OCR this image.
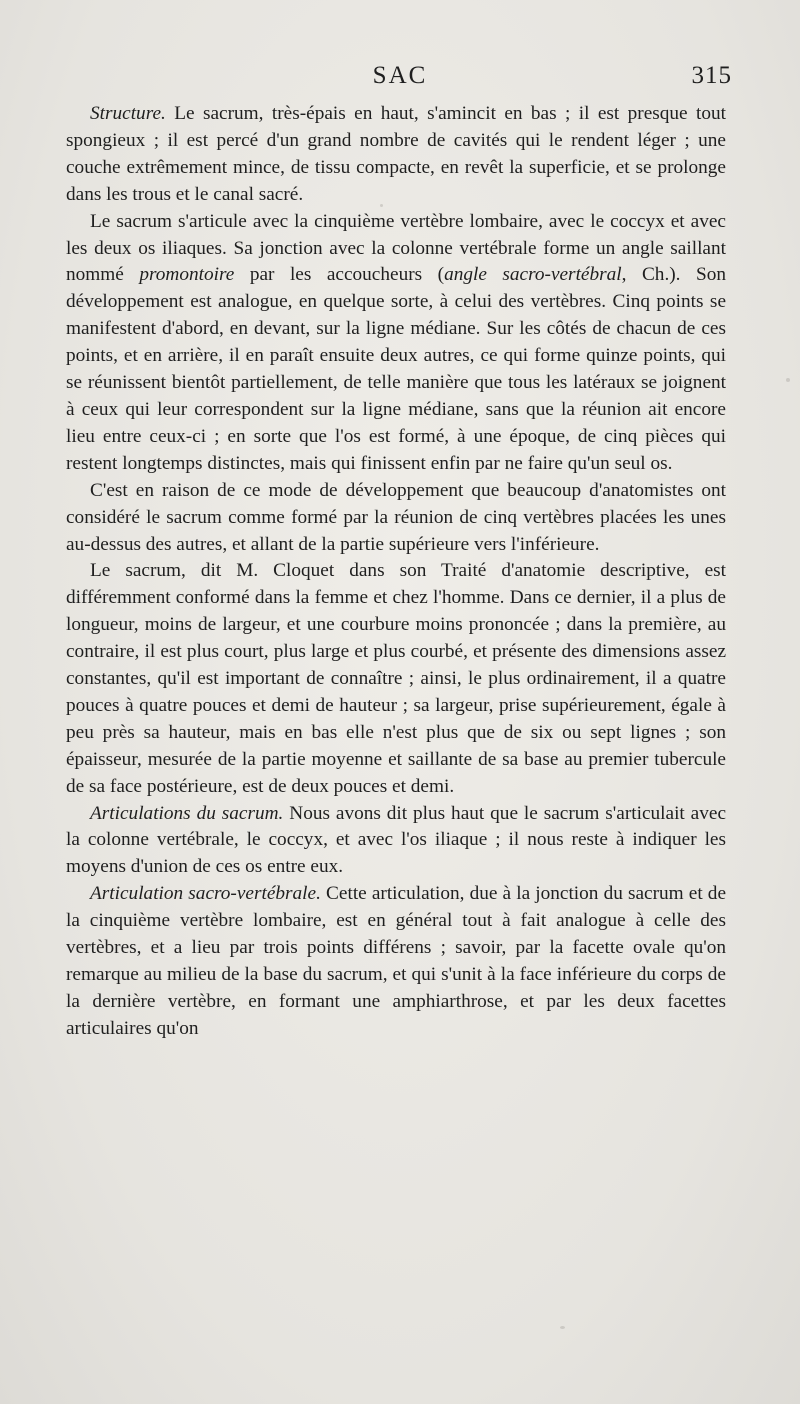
SAC	315

Structure. Le sacrum, très-épais en haut, s'amincit en bas ; il est presque tout spongieux ; il est percé d'un grand nombre de cavités qui le rendent léger ; une couche extrêmement mince, de tissu compacte, en revêt la superficie, et se prolonge dans les trous et le canal sacré.

Le sacrum s'articule avec la cinquième vertèbre lombaire, avec le coccyx et avec les deux os iliaques. Sa jonction avec la colonne vertébrale forme un angle saillant nommé promontoire par les accoucheurs (angle sacro-vertébral, Ch.). Son développement est analogue, en quelque sorte, à celui des vertèbres. Cinq points se manifestent d'abord, en devant, sur la ligne médiane. Sur les côtés de chacun de ces points, et en arrière, il en paraît ensuite deux autres, ce qui forme quinze points, qui se réunissent bientôt partiellement, de telle manière que tous les latéraux se joignent à ceux qui leur correspondent sur la ligne médiane, sans que la réunion ait encore lieu entre ceux-ci ; en sorte que l'os est formé, à une époque, de cinq pièces qui restent longtemps distinctes, mais qui finissent enfin par ne faire qu'un seul os.

C'est en raison de ce mode de développement que beaucoup d'anatomistes ont considéré le sacrum comme formé par la réunion de cinq vertèbres placées les unes au-dessus des autres, et allant de la partie supérieure vers l'inférieure.

Le sacrum, dit M. Cloquet dans son Traité d'anatomie descriptive, est différemment conformé dans la femme et chez l'homme. Dans ce dernier, il a plus de longueur, moins de largeur, et une courbure moins prononcée ; dans la première, au contraire, il est plus court, plus large et plus courbé, et présente des dimensions assez constantes, qu'il est important de connaître ; ainsi, le plus ordinairement, il a quatre pouces à quatre pouces et demi de hauteur ; sa largeur, prise supérieurement, égale à peu près sa hauteur, mais en bas elle n'est plus que de six ou sept lignes ; son épaisseur, mesurée de la partie moyenne et saillante de sa base au premier tubercule de sa face postérieure, est de deux pouces et demi.

Articulations du sacrum. Nous avons dit plus haut que le sacrum s'articulait avec la colonne vertébrale, le coccyx, et avec l'os iliaque ; il nous reste à indiquer les moyens d'union de ces os entre eux.

Articulation sacro-vertébrale. Cette articulation, due à la jonction du sacrum et de la cinquième vertèbre lombaire, est en général tout à fait analogue à celle des vertèbres, et a lieu par trois points différens ; savoir, par la facette ovale qu'on remarque au milieu de la base du sacrum, et qui s'unit à la face inférieure du corps de la dernière vertèbre, en formant une amphiarthrose, et par les deux facettes articulaires qu'on
